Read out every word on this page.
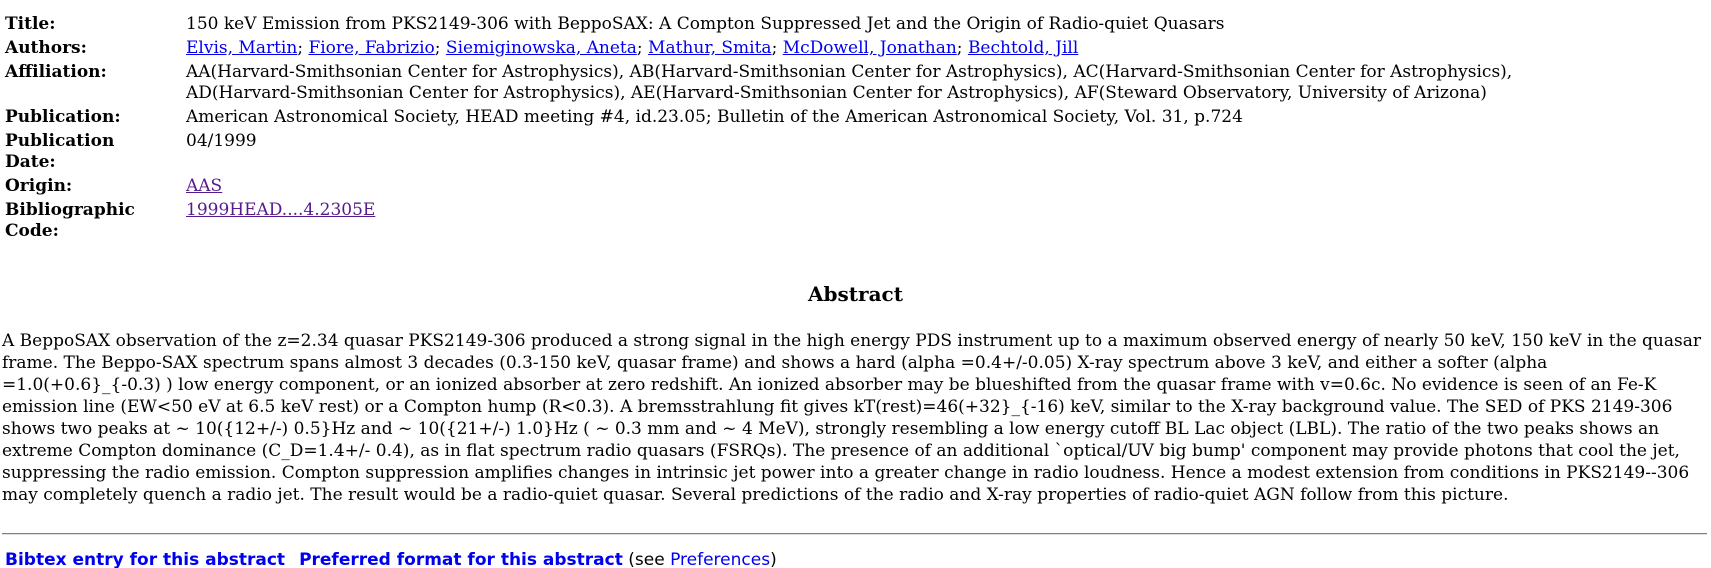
Title:	150 keV Emission from PKS2149-306 with BeppoSAX: A Compton Suppressed Jet and the Origin of Radio-quiet Quasars
Authors:	Elvis, Martin; Fiore, Fabrizio; Siemiginowska, Aneta; Mathur, Smita; McDowell, Jonathan; Bechtold, Jill
Affiliation:	AA(Harvard-Smithsonian Center for Astrophysics), AB(Harvard-Smithsonian Center for Astrophysics), AC(Harvard-Smithsonian Center for Astrophysics),
AD(Harvard-Smithsonian Center for Astrophysics), AE(Harvard-Smithsonian Center for Astrophysics), AF(Steward Observatory, University of Arizona)

Publication:	American Astronomical Society, HEAD meeting #4, id.23.05; Bulletin of the American Astronomical Society, Vol. 31, p.724
Publication
Date:	04/1999
Origin:	AAS
Bibliographic
Code:	1999HEAD....4.2305E
Abstract

A BeppoSAX observation of the z=2.34 quasar PKS2149-306 produced a strong signal in the high energy PDS instrument up to a maximum observed energy of nearly 50 keV, 150 keV in the quasar frame. The Beppo-SAX spectrum spans almost 3 decades (0.3-150 keV, quasar frame) and shows a hard (alpha =0.4+/-0.05) X-ray spectrum above 3 keV, and either a softer (alpha =1.0(+0.6}_{-0.3) ) low energy component, or an ionized absorber at zero redshift. An ionized absorber may be blueshifted from the quasar frame with v=0.6c. No evidence is seen of an Fe-K emission line (EW<50 eV at 6.5 keV rest) or a Compton hump (R<0.3). A bremsstrahlung fit gives kT(rest)=46(+32}_{-16) keV, similar to the X-ray background value. The SED of PKS 2149-306 shows two peaks at ~ 10({12+/-) 0.5}Hz and ~ 10({21+/-) 1.0}Hz ( ~ 0.3 mm and ~ 4 MeV), strongly resembling a low energy cutoff BL Lac object (LBL). The ratio of the two peaks shows an extreme Compton dominance (C_D=1.4+/- 0.4), as in flat spectrum radio quasars (FSRQs). The presence of an additional `optical/UV big bump' component may provide photons that cool the jet, suppressing the radio emission. Compton suppression amplifies changes in intrinsic jet power into a greater change in radio loudness. Hence a modest extension from conditions in PKS2149--306 may completely quench a radio jet. The result would be a radio-quiet quasar. Several predictions of the radio and X-ray properties of radio-quiet AGN follow from this picture.

Bibtex entry for this abstract Preferred format for this abstract (see Preferences)
